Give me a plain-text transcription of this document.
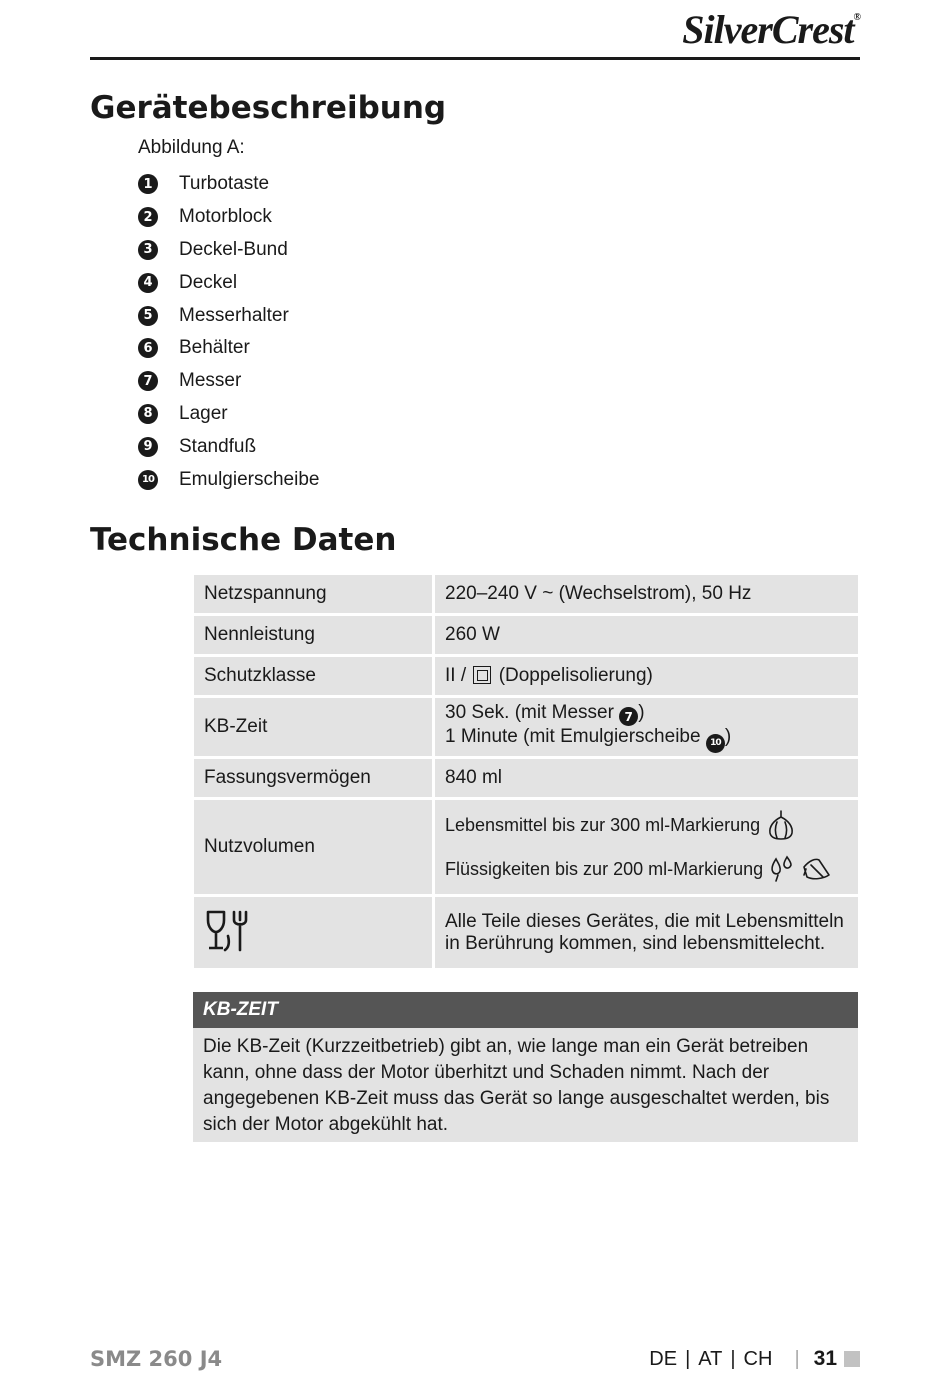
SilverCrest®
Gerätebeschreibung
Abbildung A:
1 Turbotaste
2 Motorblock
3 Deckel-Bund
4 Deckel
5 Messerhalter
6 Behälter
7 Messer
8 Lager
9 Standfuß
10 Emulgierscheibe
Technische Daten
Netzspannung	220–240 V ~ (Wechselstrom), 50 Hz
Nennleistung	260 W
Schutzklasse	II / (Doppelisolierung)
KB-Zeit	30 Sek. (mit Messer 7 )
1 Minute (mit Emulgierscheibe 10 )

Fassungsvermögen	840 ml
Nutzvolumen	Lebensmittel bis zur 300 ml-Markierung
Flüssigkeiten bis zur 200 ml-Markierung

	Alle Teile dieses Gerätes, die mit Lebensmitteln in Berührung kommen, sind lebensmittelecht.
KB-ZEIT
Die KB-Zeit (Kurzzeitbetrieb) gibt an, wie lange man ein Gerät betreiben kann, ohne dass der Motor überhitzt und Schaden nimmt. Nach der angegebenen KB-Zeit muss das Gerät so lange ausgeschaltet werden, bis sich der Motor abgekühlt hat.
SMZ 260 J4	DE | AT | CH | 31
